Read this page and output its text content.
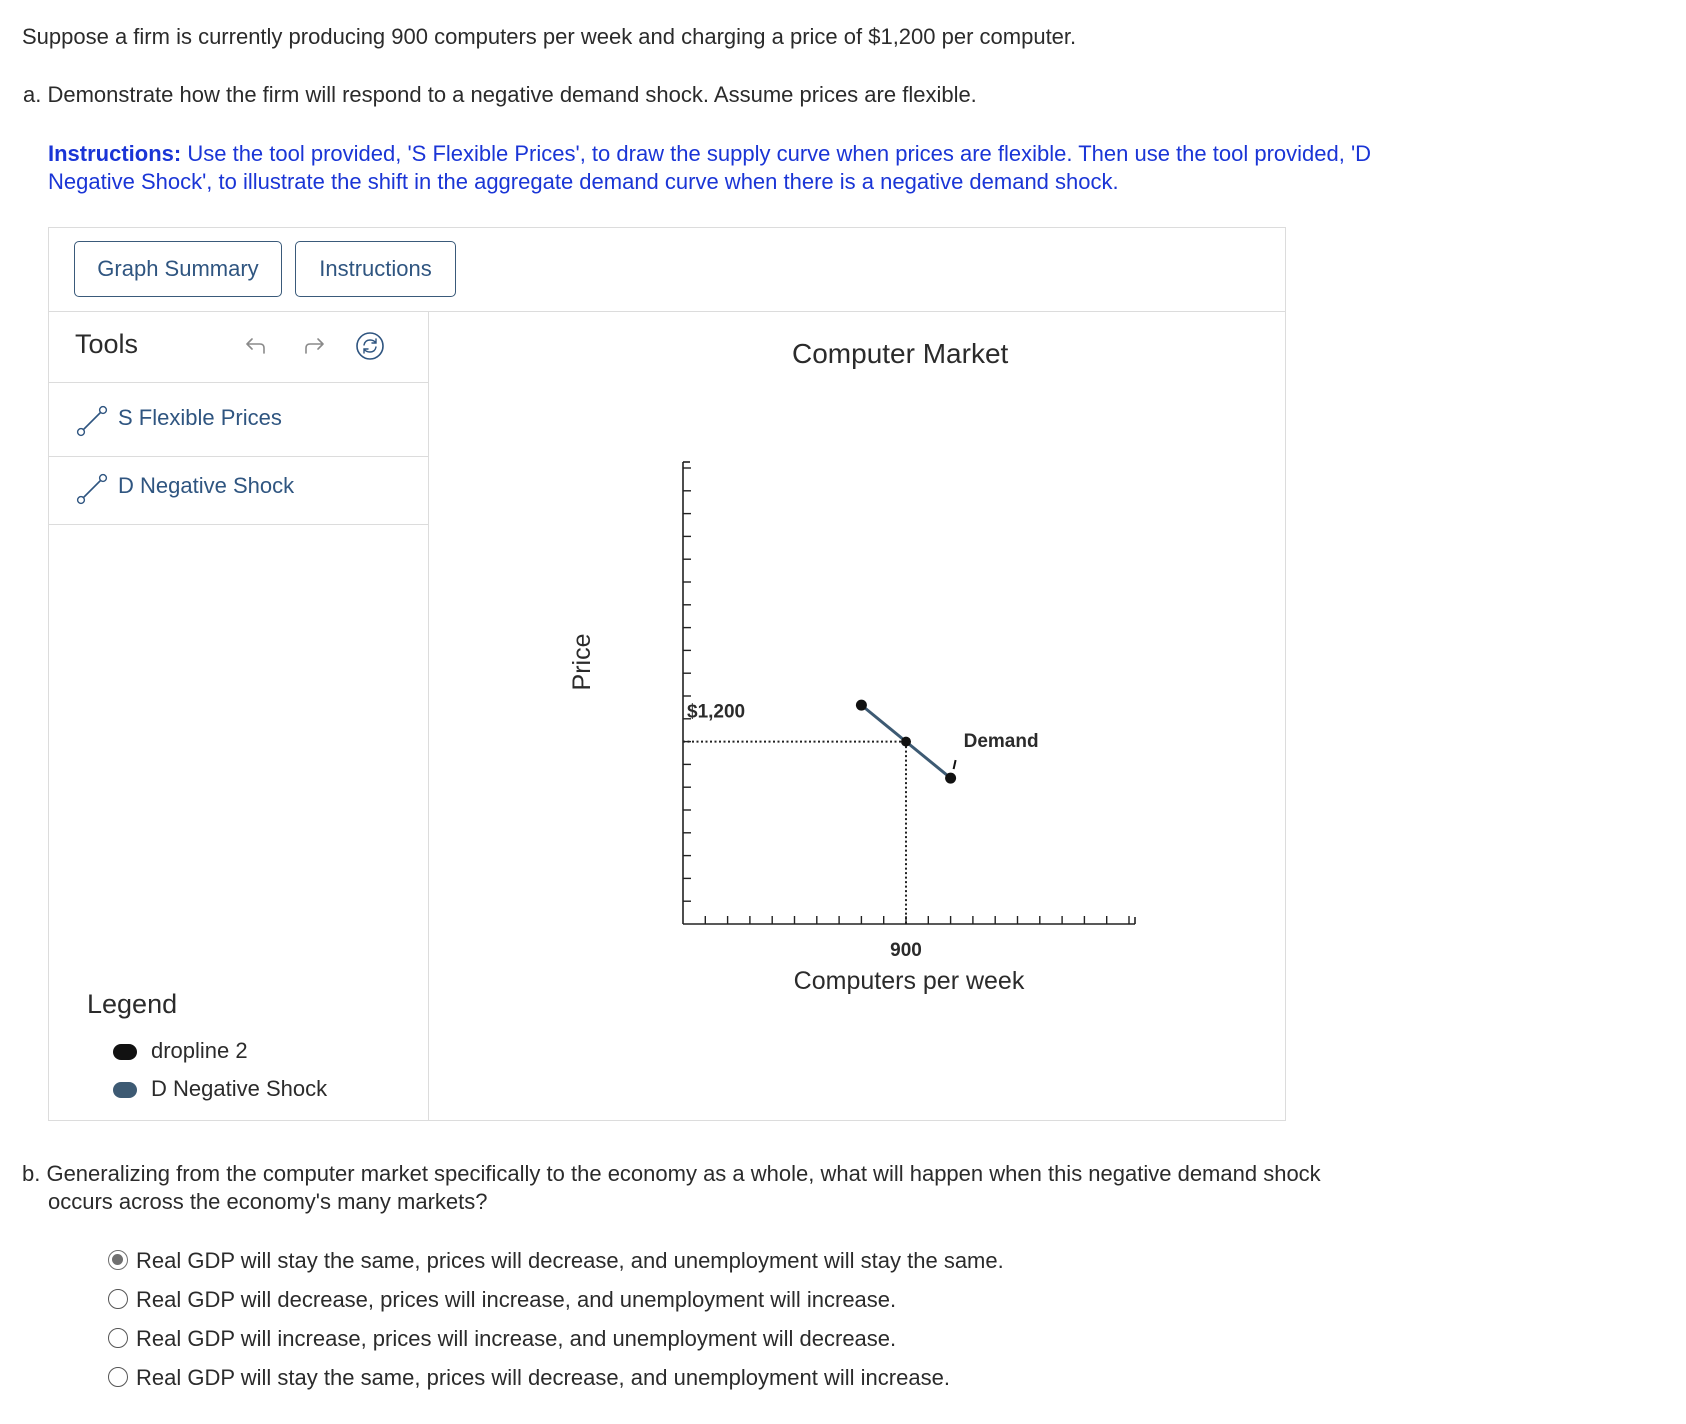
Suppose a firm is currently producing 900 computers per week and charging a price of $1,200 per computer.
a. Demonstrate how the firm will respond to a negative demand shock. Assume prices are flexible.
Instructions: Use the tool provided, 'S Flexible Prices', to draw the supply curve when prices are flexible. Then use the tool provided, 'D Negative Shock', to illustrate the shift in the aggregate demand curve when there is a negative demand shock.
Graph Summary	Instructions
Tools
S Flexible Prices
D Negative Shock
Legend
dropline 2
D Negative Shock
Computer Market
Demand
$1,200
900
Computers per week
Price
b. Generalizing from the computer market specifically to the economy as a whole, what will happen when this negative demand shock
occurs across the economy's many markets?
Real GDP will stay the same, prices will decrease, and unemployment will stay the same.
Real GDP will decrease, prices will increase, and unemployment will increase.
Real GDP will increase, prices will increase, and unemployment will decrease.
Real GDP will stay the same, prices will decrease, and unemployment will increase.
